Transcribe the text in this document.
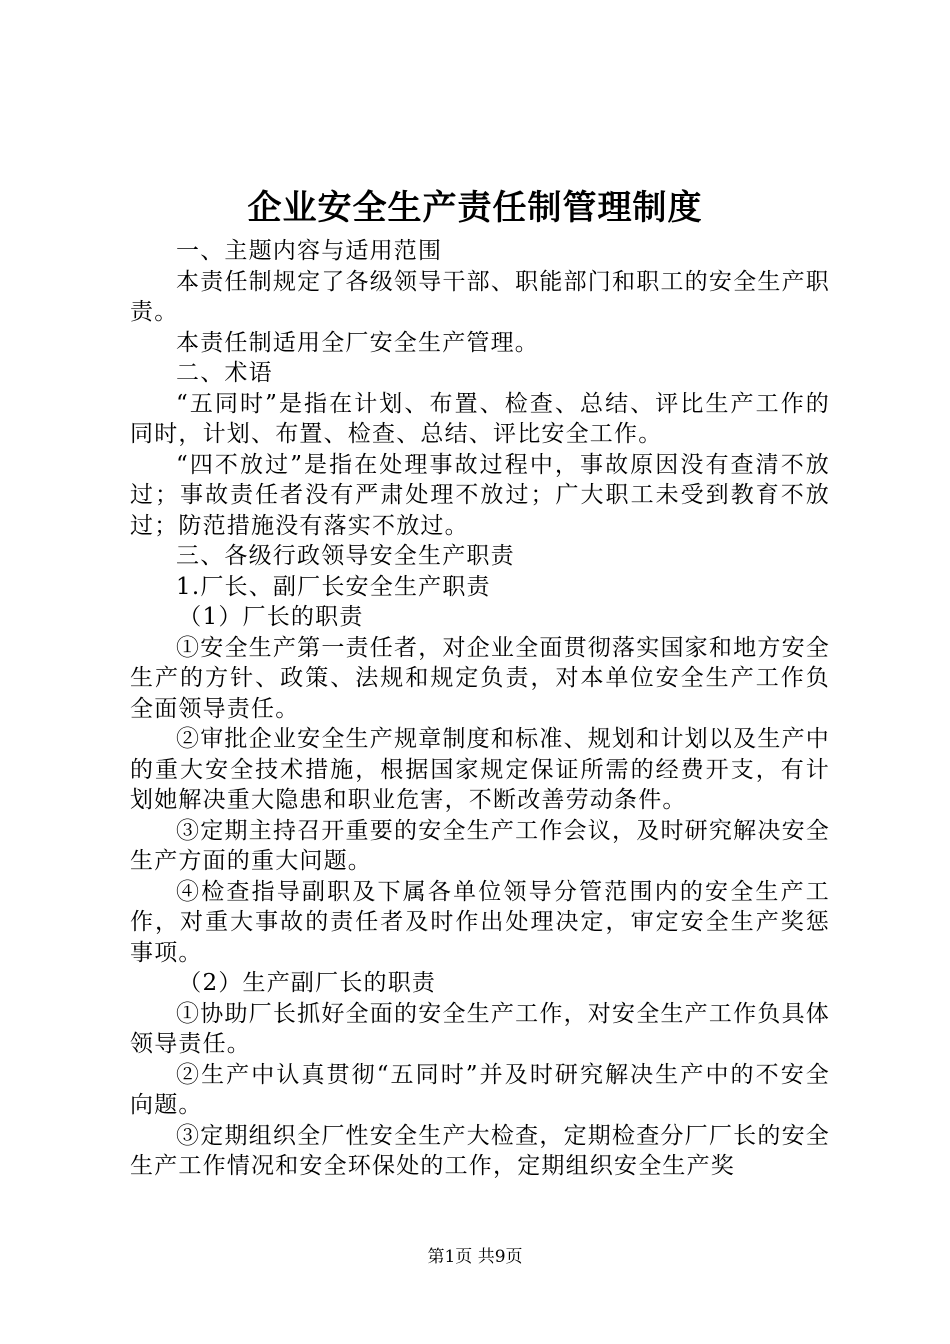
企业安全生产责任制管理制度

一、主题内容与适用范围

本责任制规定了各级领导干部、职能部门和职工的安全生产职责。

本责任制适用全厂安全生产管理。

二、术语

“五同时”是指在计划、布置、检查、总结、评比生产工作的同时，计划、布置、检查、总结、评比安全工作。

“四不放过”是指在处理事故过程中，事故原因没有查清不放过；事故责任者没有严肃处理不放过；广大职工未受到教育不放过；防范措施没有落实不放过。

三、各级行政领导安全生产职责

1.厂长、副厂长安全生产职责

（1）厂长的职责

①安全生产第一责任者，对企业全面贯彻落实国家和地方安全生产的方针、政策、法规和规定负责，对本单位安全生产工作负全面领导责任。

②审批企业安全生产规章制度和标准、规划和计划以及生产中的重大安全技术措施，根据国家规定保证所需的经费开支，有计划她解决重大隐患和职业危害，不断改善劳动条件。

③定期主持召开重要的安全生产工作会议，及时研究解决安全生产方面的重大问题。

④检查指导副职及下属各单位领导分管范围内的安全生产工作，对重大事故的责任者及时作出处理决定，审定安全生产奖惩事项。

（2）生产副厂长的职责

①协助厂长抓好全面的安全生产工作，对安全生产工作负具体领导责任。

②生产中认真贯彻“五同时”并及时研究解决生产中的不安全向题。

③定期组织全厂性安全生产大检查，定期检查分厂厂长的安全生产工作情况和安全环保处的工作，定期组织安全生产奖

第1页 共9页
